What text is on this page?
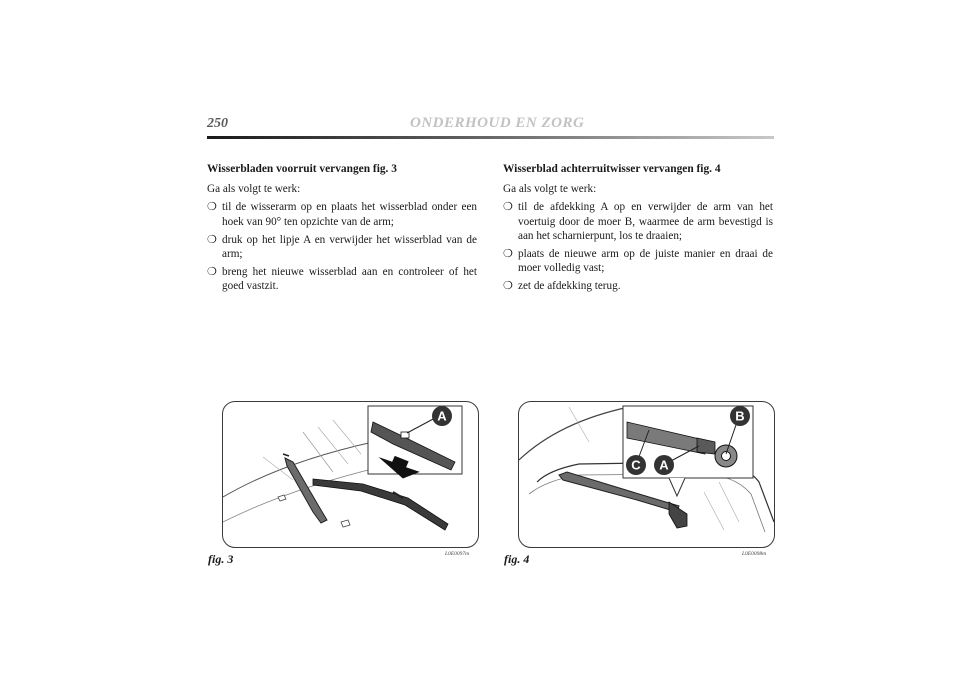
250	ONDERHOUD EN ZORG

Wisserbladen voorruit vervangen fig. 3

Ga als volgt te werk:

❍ til de wisserarm op en plaats het wisserblad onder een hoek van 90° ten opzichte van de arm;
❍ druk op het lipje A en verwijder het wisserblad van de arm;
❍ breng het nieuwe wisserblad aan en controleer of het goed vastzit.

Wisserblad achterruitwisser vervangen fig. 4

Ga als volgt te werk:

❍ til de afdekking A op en verwijder de arm van het voertuig door de moer B, waarmee de arm bevestigd is aan het scharnierpunt, los te draaien;
❍ plaats de nieuwe arm op de juiste manier en draai de moer volledig vast;
❍ zet de afdekking terug.
A
fig. 3	L0E0097m
B
A
C
fig. 4	L0E0098m
